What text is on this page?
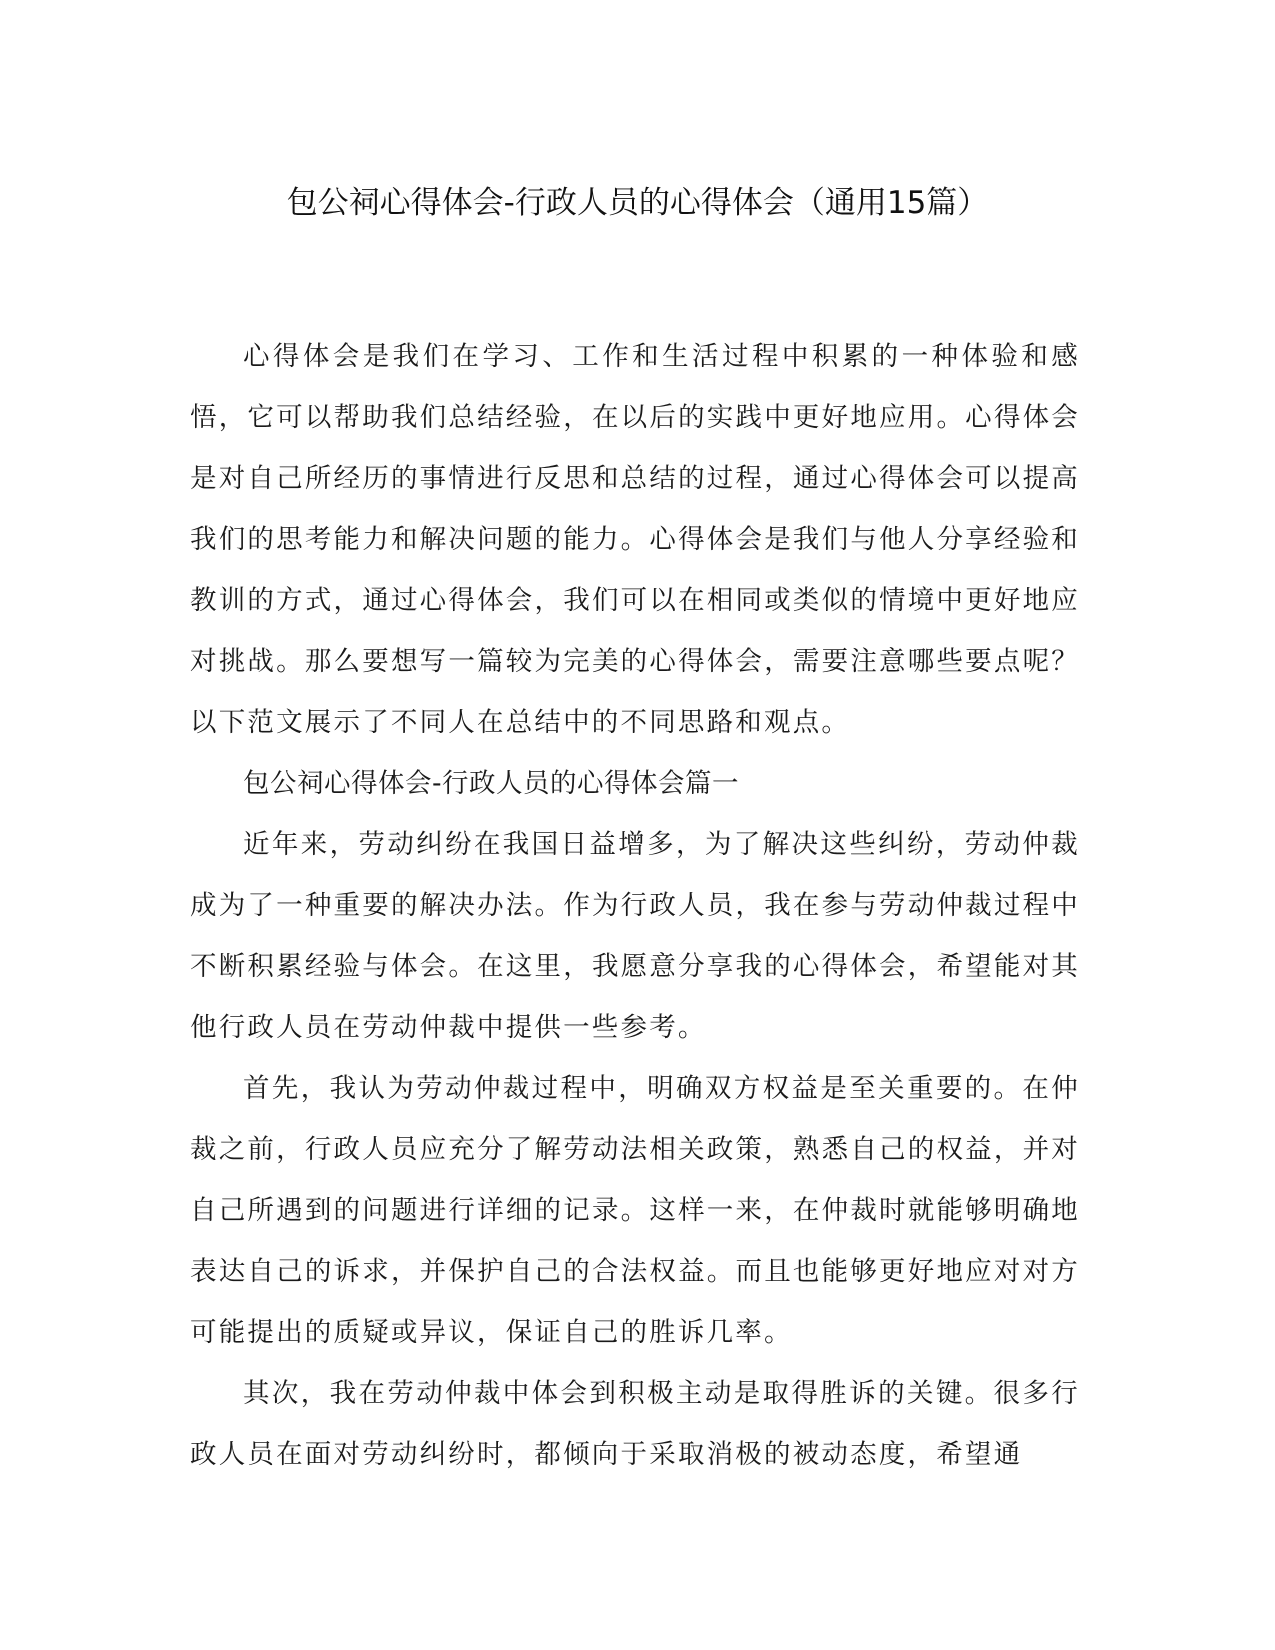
包公祠心得体会-行政人员的心得体会（通用15篇）

心得体会是我们在学习、工作和生活过程中积累的一种体验和感悟，它可以帮助我们总结经验，在以后的实践中更好地应用。心得体会是对自己所经历的事情进行反思和总结的过程，通过心得体会可以提高我们的思考能力和解决问题的能力。心得体会是我们与他人分享经验和教训的方式，通过心得体会，我们可以在相同或类似的情境中更好地应对挑战。那么要想写一篇较为完美的心得体会，需要注意哪些要点呢？以下范文展示了不同人在总结中的不同思路和观点。

包公祠心得体会-行政人员的心得体会篇一

近年来，劳动纠纷在我国日益增多，为了解决这些纠纷，劳动仲裁成为了一种重要的解决办法。作为行政人员，我在参与劳动仲裁过程中不断积累经验与体会。在这里，我愿意分享我的心得体会，希望能对其他行政人员在劳动仲裁中提供一些参考。

首先，我认为劳动仲裁过程中，明确双方权益是至关重要的。在仲裁之前，行政人员应充分了解劳动法相关政策，熟悉自己的权益，并对自己所遇到的问题进行详细的记录。这样一来，在仲裁时就能够明确地表达自己的诉求，并保护自己的合法权益。而且也能够更好地应对对方可能提出的质疑或异议，保证自己的胜诉几率。

其次，我在劳动仲裁中体会到积极主动是取得胜诉的关键。很多行政人员在面对劳动纠纷时，都倾向于采取消极的被动态度，希望通
